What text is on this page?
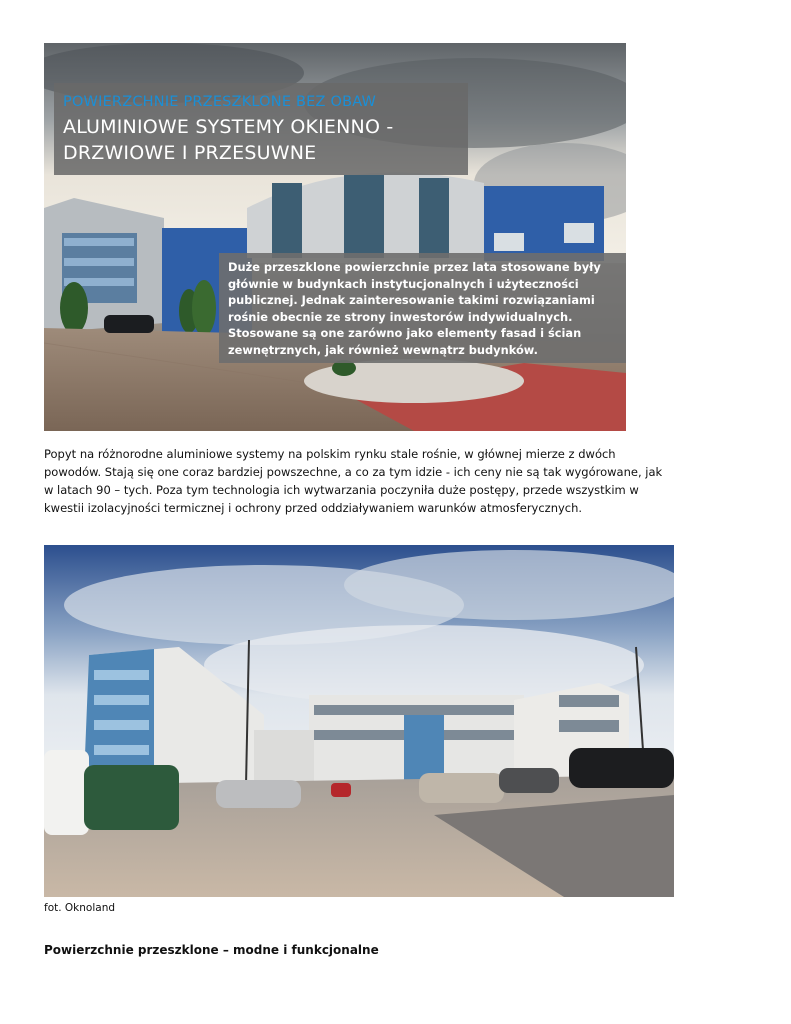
POWIERZCHNIE PRZESZKLONE BEZ OBAW
ALUMINIOWE SYSTEMY OKIENNO - DRZWIOWE I PRZESUWNE
Duże przeszklone powierzchnie przez lata stosowane były głównie w budynkach instytucjonalnych i użyteczności publicznej. Jednak zainteresowanie takimi rozwiązaniami rośnie obecnie ze strony inwestorów indywidualnych. Stosowane są one zarówno jako elementy fasad i ścian zewnętrznych, jak również wewnątrz budynków.
Popyt na różnorodne aluminiowe systemy na polskim rynku stale rośnie, w głównej mierze z dwóch powodów. Stają się one coraz bardziej powszechne, a co za tym idzie - ich ceny nie są tak wygórowane, jak w latach 90 – tych. Poza tym technologia ich wytwarzania poczyniła duże postępy, przede wszystkim w kwestii izolacyjności termicznej i ochrony przed oddziaływaniem warunków atmosferycznych.
fot. Oknoland
Powierzchnie przeszklone – modne i funkcjonalne
